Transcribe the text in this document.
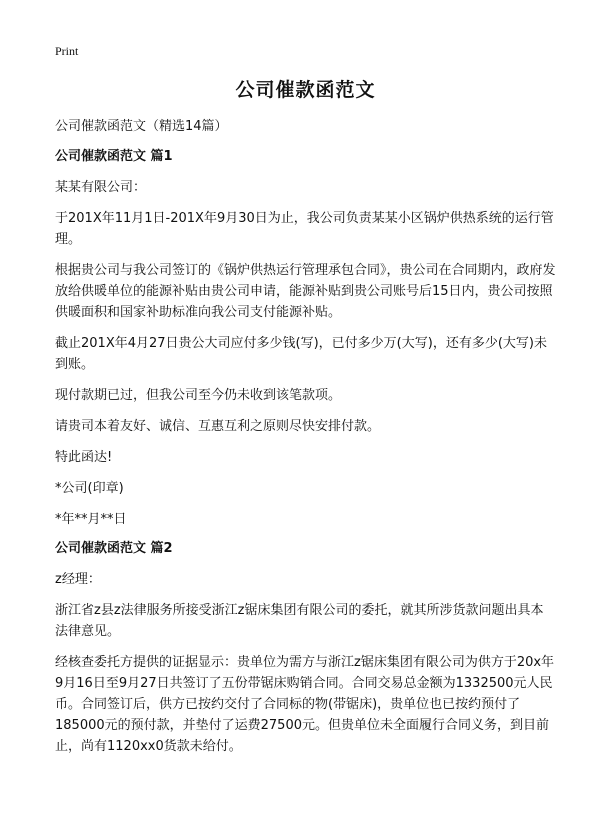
Print
公司催款函范文
公司催款函范文（精选14篇）
公司催款函范文 篇1
某某有限公司：
于201X年11月1日-201X年9月30日为止，我公司负责某某小区锅炉供热系统的运行管理。
根据贵公司与我公司签订的《锅炉供热运行管理承包合同》，贵公司在合同期内，政府发放给供暖单位的能源补贴由贵公司申请，能源补贴到贵公司账号后15日内，贵公司按照供暖面积和国家补助标准向我公司支付能源补贴。
截止201X年4月27日贵公大司应付多少钱(写)，已付多少万(大写)，还有多少(大写)未到账。
现付款期已过，但我公司至今仍未收到该笔款项。
请贵司本着友好、诚信、互惠互利之原则尽快安排付款。
特此函达!
*公司(印章)
*年**月**日
公司催款函范文 篇2
z经理：
浙江省z县z法律服务所接受浙江z锯床集团有限公司的委托，就其所涉货款问题出具本法律意见。
经核查委托方提供的证据显示：贵单位为需方与浙江z锯床集团有限公司为供方于20x年9月16日至9月27日共签订了五份带锯床购销合同。合同交易总金额为1332500元人民币。合同签订后，供方已按约交付了合同标的物(带锯床)，贵单位也已按约预付了185000元的预付款，并垫付了运费27500元。但贵单位未全面履行合同义务，到目前止，尚有1120xx0货款未给付。
